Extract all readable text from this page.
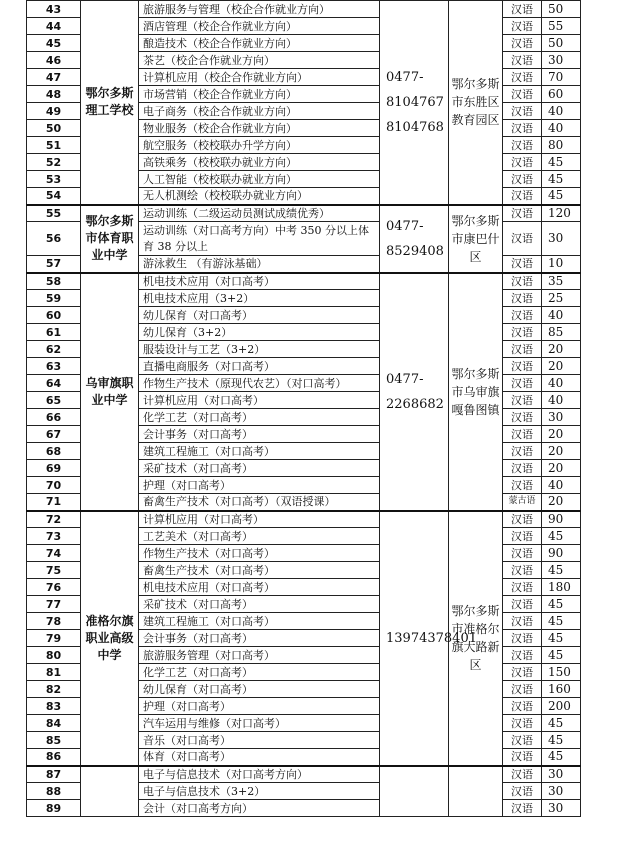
43	鄂尔多斯理工学校	旅游服务与管理（校企合作就业方向）	0477-8104767 8104768	鄂尔多斯市东胜区教育园区	汉语	50
44		酒店管理（校企合作就业方向）			汉语	55
45		酿造技术（校企合作就业方向）			汉语	50
46		茶艺（校企合作就业方向）			汉语	30
47		计算机应用（校企合作就业方向）			汉语	70
48		市场营销（校企合作就业方向）			汉语	60
49		电子商务（校企合作就业方向）			汉语	40
50		物业服务（校企合作就业方向）			汉语	40
51		航空服务（校校联办升学方向）			汉语	80
52		高铁乘务（校校联办就业方向）			汉语	45
53		人工智能（校校联办就业方向）			汉语	45
54		无人机测绘（校校联办就业方向）			汉语	45
55	鄂尔多斯市体育职业中学	运动训练（二级运动员测试成绩优秀）	0477-8529408	鄂尔多斯市康巴什区	汉语	120
56		运动训练（对口高考方向）中考 350 分以上体育 38 分以上			汉语	30
57		游泳救生 （有游泳基础）			汉语	10
58	乌审旗职业中学	机电技术应用（对口高考）	0477-2268682	鄂尔多斯市乌审旗嘎鲁图镇	汉语	35
59		机电技术应用（3+2）			汉语	25
60		幼儿保育（对口高考）			汉语	40
61		幼儿保育（3+2）			汉语	85
62		服装设计与工艺（3+2）			汉语	20
63		直播电商服务（对口高考）			汉语	20
64		作物生产技术（原现代农艺）（对口高考）			汉语	40
65		计算机应用（对口高考）			汉语	40
66		化学工艺（对口高考）			汉语	30
67		会计事务（对口高考）			汉语	20
68		建筑工程施工（对口高考）			汉语	20
69		采矿技术（对口高考）			汉语	20
70		护理（对口高考）			汉语	40
71		畜禽生产技术（对口高考）（双语授课）			蒙古语	20
72	准格尔旗职业高级中学	计算机应用（对口高考）	13974378401	鄂尔多斯市准格尔旗大路新区	汉语	90
73		工艺美术（对口高考）			汉语	45
74		作物生产技术（对口高考）			汉语	90
75		畜禽生产技术（对口高考）			汉语	45
76		机电技术应用（对口高考）			汉语	180
77		采矿技术（对口高考）			汉语	45
78		建筑工程施工（对口高考）			汉语	45
79		会计事务（对口高考）			汉语	45
80		旅游服务管理（对口高考）			汉语	45
81		化学工艺（对口高考）			汉语	150
82		幼儿保育（对口高考）			汉语	160
83		护理（对口高考）			汉语	200
84		汽车运用与维修（对口高考）			汉语	45
85		音乐（对口高考）			汉语	45
86		体育（对口高考）			汉语	45
87		电子与信息技术（对口高考方向）			汉语	30
88		电子与信息技术（3+2）			汉语	30
89		会计（对口高考方向）			汉语	30
